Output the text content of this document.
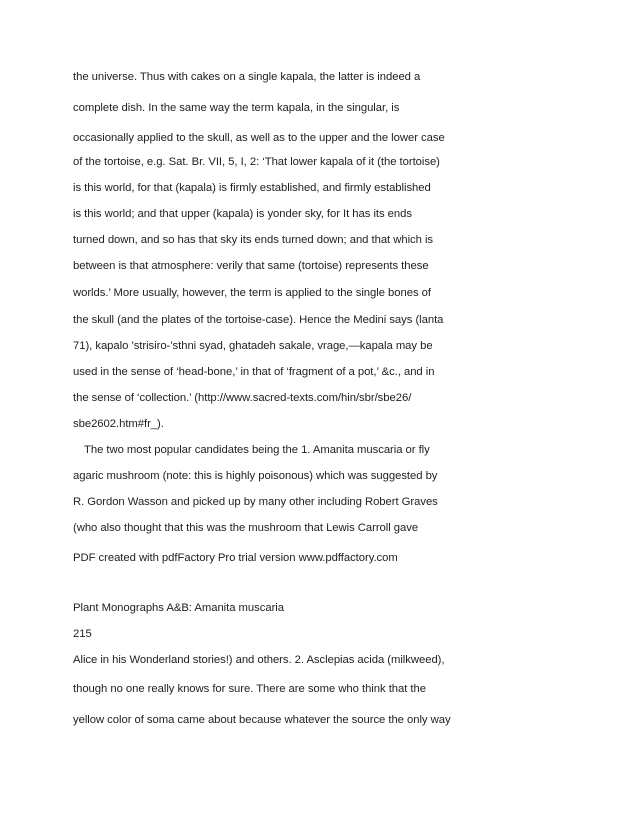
the universe. Thus with cakes on a single kapala, the latter is indeed a
complete dish. In the same way the term kapala, in the singular, is
occasionally applied to the skull, as well as to the upper and the lower case
of the tortoise, e.g. Sat. Br. VII, 5, I, 2: ‘That lower kapala of it (the tortoise)
is this world, for that (kapala) is firmly established, and firmly established
is this world; and that upper (kapala) is yonder sky, for It has its ends
turned down, and so has that sky its ends turned down; and that which is
between is that atmosphere: verily that same (tortoise) represents these
worlds.’ More usually, however, the term is applied to the single bones of
the skull (and the plates of the tortoise-case). Hence the Medini says (lanta
71), kapalo ’strisiro-’sthni syad, ghatadeh sakale, vrage,—kapala may be
used in the sense of ‘head-bone,’ in that of ‘fragment of a pot,’ &c., and in
the sense of ‘collection.’ (http://www.sacred-texts.com/hin/sbr/sbe26/
sbe2602.htm#fr_).
The two most popular candidates being the 1. Amanita muscaria or fly
agaric mushroom (note: this is highly poisonous) which was suggested by
R. Gordon Wasson and picked up by many other including Robert Graves
(who also thought that this was the mushroom that Lewis Carroll gave
PDF created with pdfFactory Pro trial version www.pdffactory.com
Plant Monographs A&B: Amanita muscaria
215
Alice in his Wonderland stories!) and others. 2. Asclepias acida (milkweed),
though no one really knows for sure. There are some who think that the
yellow color of soma came about because whatever the source the only way
